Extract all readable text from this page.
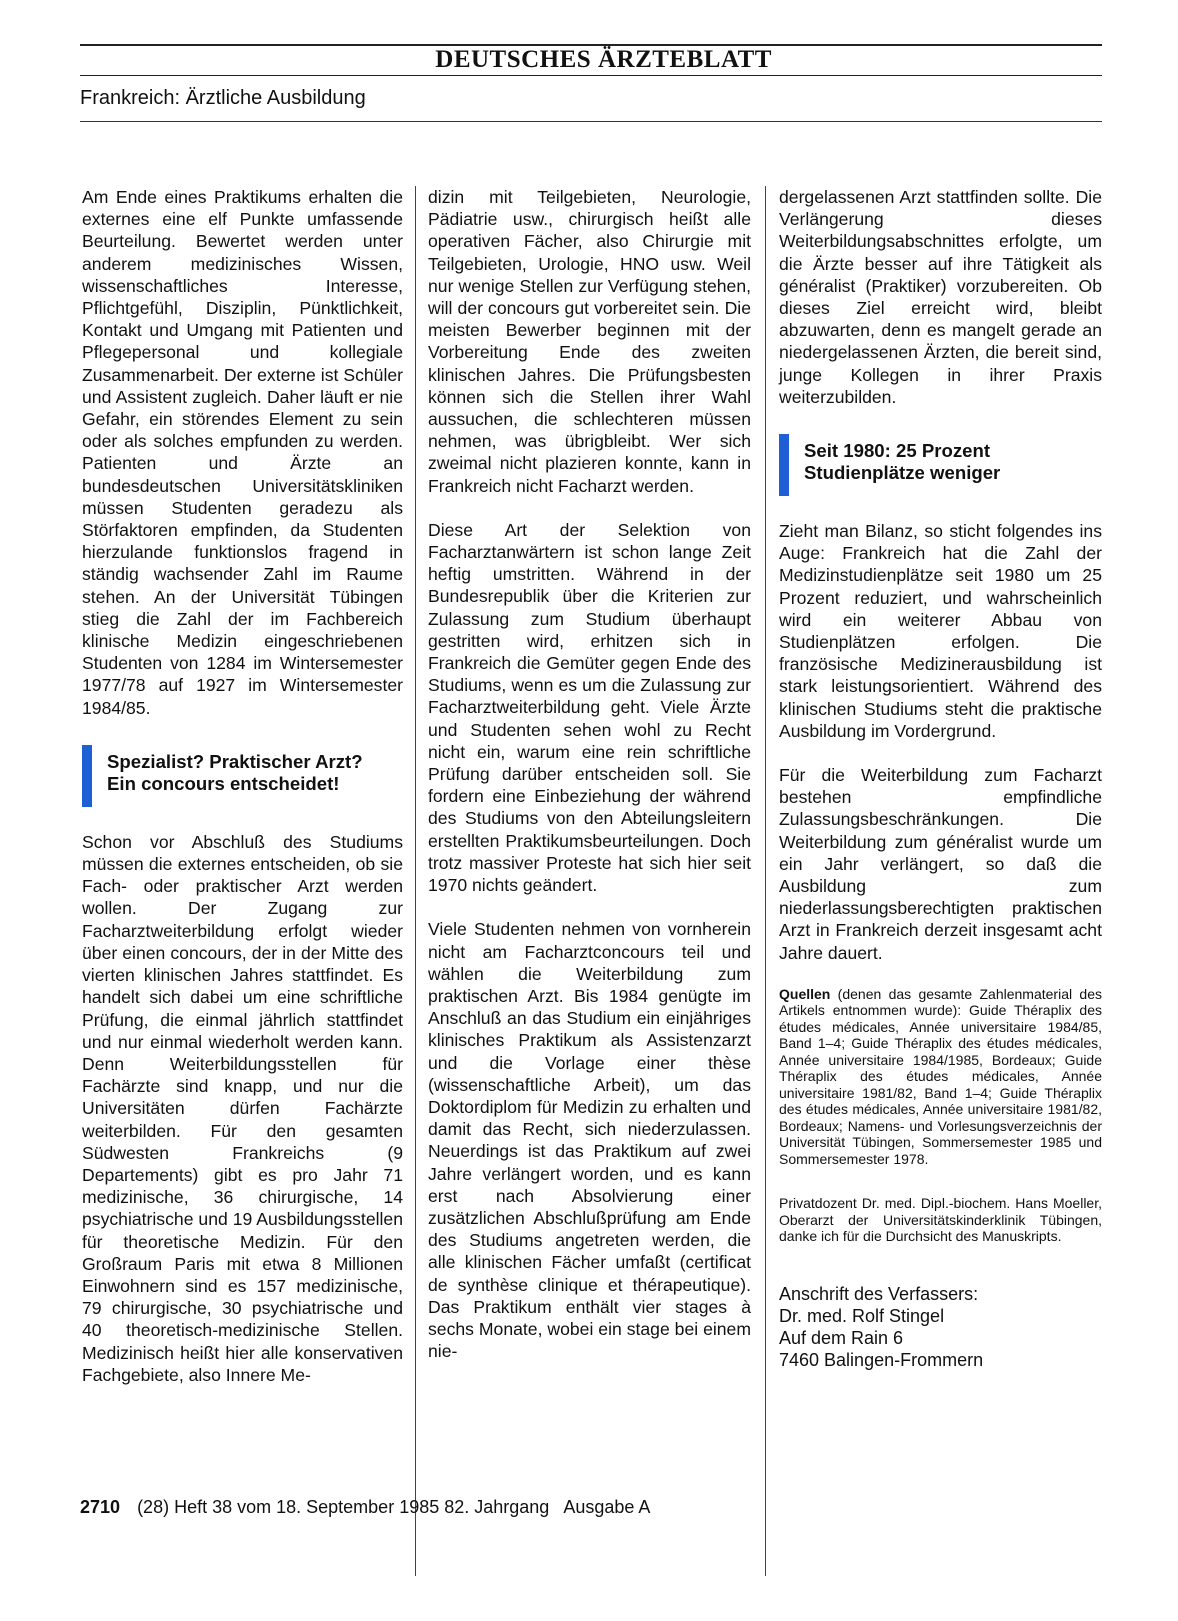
DEUTSCHES ÄRZTEBLATT
Frankreich: Ärztliche Ausbildung

Am Ende eines Praktikums erhalten die externes eine elf Punkte umfassende Beurteilung. Bewertet werden unter anderem medizinisches Wissen, wissenschaftliches Interesse, Pflichtgefühl, Disziplin, Pünktlichkeit, Kontakt und Umgang mit Patienten und Pflegepersonal und kollegiale Zusammenarbeit. Der externe ist Schüler und Assistent zugleich. Daher läuft er nie Gefahr, ein störendes Element zu sein oder als solches empfunden zu werden. Patienten und Ärzte an bundesdeutschen Universitätskliniken müssen Studenten geradezu als Störfaktoren empfinden, da Studenten hierzulande funktionslos fragend in ständig wachsender Zahl im Raume stehen. An der Universität Tübingen stieg die Zahl der im Fachbereich klinische Medizin eingeschriebenen Studenten von 1284 im Wintersemester 1977/78 auf 1927 im Wintersemester 1984/85.

Spezialist? Praktischer Arzt?
Ein concours entscheidet!

Schon vor Abschluß des Studiums müssen die externes entscheiden, ob sie Fach- oder praktischer Arzt werden wollen. Der Zugang zur Facharztweiterbildung erfolgt wieder über einen concours, der in der Mitte des vierten klinischen Jahres stattfindet. Es handelt sich dabei um eine schriftliche Prüfung, die einmal jährlich stattfindet und nur einmal wiederholt werden kann. Denn Weiterbildungsstellen für Fachärzte sind knapp, und nur die Universitäten dürfen Fachärzte weiterbilden. Für den gesamten Südwesten Frankreichs (9 Departements) gibt es pro Jahr 71 medizinische, 36 chirurgische, 14 psychiatrische und 19 Ausbildungsstellen für theoretische Medizin. Für den Großraum Paris mit etwa 8 Millionen Einwohnern sind es 157 medizinische, 79 chirurgische, 30 psychiatrische und 40 theoretisch-medizinische Stellen. Medizinisch heißt hier alle konservativen Fachgebiete, also Innere Me-

dizin mit Teilgebieten, Neurologie, Pädiatrie usw., chirurgisch heißt alle operativen Fächer, also Chirurgie mit Teilgebieten, Urologie, HNO usw. Weil nur wenige Stellen zur Verfügung stehen, will der concours gut vorbereitet sein. Die meisten Bewerber beginnen mit der Vorbereitung Ende des zweiten klinischen Jahres. Die Prüfungsbesten können sich die Stellen ihrer Wahl aussuchen, die schlechteren müssen nehmen, was übrigbleibt. Wer sich zweimal nicht plazieren konnte, kann in Frankreich nicht Facharzt werden.

Diese Art der Selektion von Facharztanwärtern ist schon lange Zeit heftig umstritten. Während in der Bundesrepublik über die Kriterien zur Zulassung zum Studium überhaupt gestritten wird, erhitzen sich in Frankreich die Gemüter gegen Ende des Studiums, wenn es um die Zulassung zur Facharztweiterbildung geht. Viele Ärzte und Studenten sehen wohl zu Recht nicht ein, warum eine rein schriftliche Prüfung darüber entscheiden soll. Sie fordern eine Einbeziehung der während des Studiums von den Abteilungsleitern erstellten Praktikumsbeurteilungen. Doch trotz massiver Proteste hat sich hier seit 1970 nichts geändert.

Viele Studenten nehmen von vornherein nicht am Facharztconcours teil und wählen die Weiterbildung zum praktischen Arzt. Bis 1984 genügte im Anschluß an das Studium ein einjähriges klinisches Praktikum als Assistenzarzt und die Vorlage einer thèse (wissenschaftliche Arbeit), um das Doktordiplom für Medizin zu erhalten und damit das Recht, sich niederzulassen. Neuerdings ist das Praktikum auf zwei Jahre verlängert worden, und es kann erst nach Absolvierung einer zusätzlichen Abschlußprüfung am Ende des Studiums angetreten werden, die alle klinischen Fächer umfaßt (certificat de synthèse clinique et thérapeutique). Das Praktikum enthält vier stages à sechs Monate, wobei ein stage bei einem nie-

dergelassenen Arzt stattfinden sollte. Die Verlängerung dieses Weiterbildungsabschnittes erfolgte, um die Ärzte besser auf ihre Tätigkeit als généralist (Praktiker) vorzubereiten. Ob dieses Ziel erreicht wird, bleibt abzuwarten, denn es mangelt gerade an niedergelassenen Ärzten, die bereit sind, junge Kollegen in ihrer Praxis weiterzubilden.

Seit 1980: 25 Prozent
Studienplätze weniger

Zieht man Bilanz, so sticht folgendes ins Auge: Frankreich hat die Zahl der Medizinstudienplätze seit 1980 um 25 Prozent reduziert, und wahrscheinlich wird ein weiterer Abbau von Studienplätzen erfolgen. Die französische Medizinerausbildung ist stark leistungsorientiert. Während des klinischen Studiums steht die praktische Ausbildung im Vordergrund.

Für die Weiterbildung zum Facharzt bestehen empfindliche Zulassungsbeschränkungen. Die Weiterbildung zum généralist wurde um ein Jahr verlängert, so daß die Ausbildung zum niederlassungsberechtigten praktischen Arzt in Frankreich derzeit insgesamt acht Jahre dauert.

Quellen (denen das gesamte Zahlenmaterial des Artikels entnommen wurde): Guide Théraplix des études médicales, Année universitaire 1984/85, Band 1–4; Guide Théraplix des études médicales, Année universitaire 1984/1985, Bordeaux; Guide Théraplix des études médicales, Année universitaire 1981/82, Band 1–4; Guide Théraplix des études médicales, Année universitaire 1981/82, Bordeaux; Namens- und Vorlesungsverzeichnis der Universität Tübingen, Sommersemester 1985 und Sommersemester 1978.
Privatdozent Dr. med. Dipl.-biochem. Hans Moeller, Oberarzt der Universitätskinderklinik Tübingen, danke ich für die Durchsicht des Manuskripts.
Anschrift des Verfassers:
Dr. med. Rolf Stingel
Auf dem Rain 6
7460 Balingen-Frommern
2710 (28) Heft 38 vom 18. September 1985 82. Jahrgang Ausgabe A
